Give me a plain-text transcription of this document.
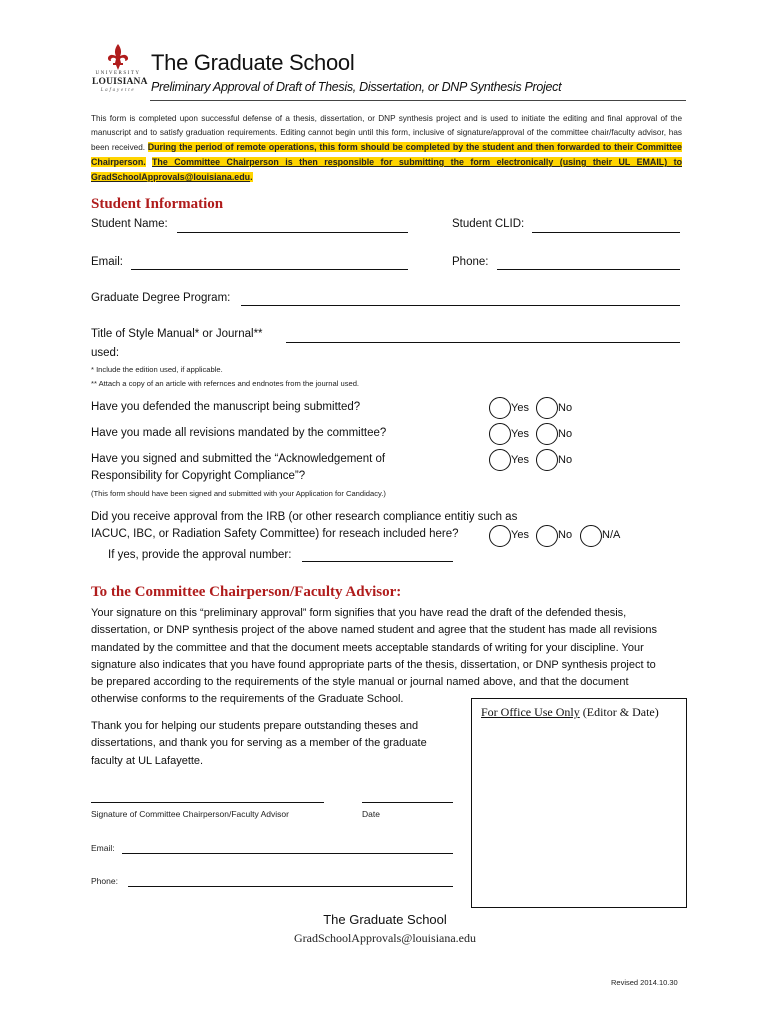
UNIVERSITY
LOUISIANA
Lafayette
The Graduate School
Preliminary Approval of Draft of Thesis, Dissertation, or DNP Synthesis Project
This form is completed upon successful defense of a thesis, dissertation, or DNP synthesis project and is used to initiate the editing and final approval of the manuscript and to satisfy graduation requirements. Editing cannot begin until this form, inclusive of signature/approval of the committee chair/faculty advisor, has been received. During the period of remote operations, this form should be completed by the student and then forwarded to their Committee Chairperson. The Committee Chairperson is then responsible for submitting the form electronically (using their UL EMAIL) to GradSchoolApprovals@louisiana.edu.
Student Information
Student Name:	Student CLID:
Email:	Phone:
Graduate Degree Program:
Title of Style Manual* or Journal**
used:
* Include the edition used, if applicable.
** Attach a copy of an article with refernces and endnotes from the journal used.
Have you defended the manuscript being submitted?	Yes	No
Have you made all revisions mandated by the committee?	Yes	No
Have you signed and submitted the “Acknowledgement of
Responsibility for Copyright Compliance”?
Yes	No
(This form should have been signed and submitted with your Application for Candidacy.)
Did you receive approval from the IRB (or other research compliance entitiy such as
IACUC, IBC, or Radiation Safety Committee) for reseach included here?	Yes	No	N/A
If yes, provide the approval number:
To the Committee Chairperson/Faculty Advisor:
Your signature on this “preliminary approval” form signifies that you have read the draft of the defended thesis,
dissertation, or DNP synthesis project of the above named student and agree that the student has made all revisions
mandated by the committee and that the document meets acceptable standards of writing for your discipline. Your
signature also indicates that you have found appropriate parts of the thesis, dissertation, or DNP synthesis project to
be prepared according to the requirements of the style manual or journal named above, and that the document
otherwise conforms to the requirements of the Graduate School.
Thank you for helping our students prepare outstanding theses and
dissertations, and thank you for serving as a member of the graduate
faculty at UL Lafayette.
Signature of Committee Chairperson/Faculty Advisor	Date
Email:
Phone:
For Office Use Only (Editor & Date)
The Graduate School
GradSchoolApprovals@louisiana.edu
Revised 2014.10.30
